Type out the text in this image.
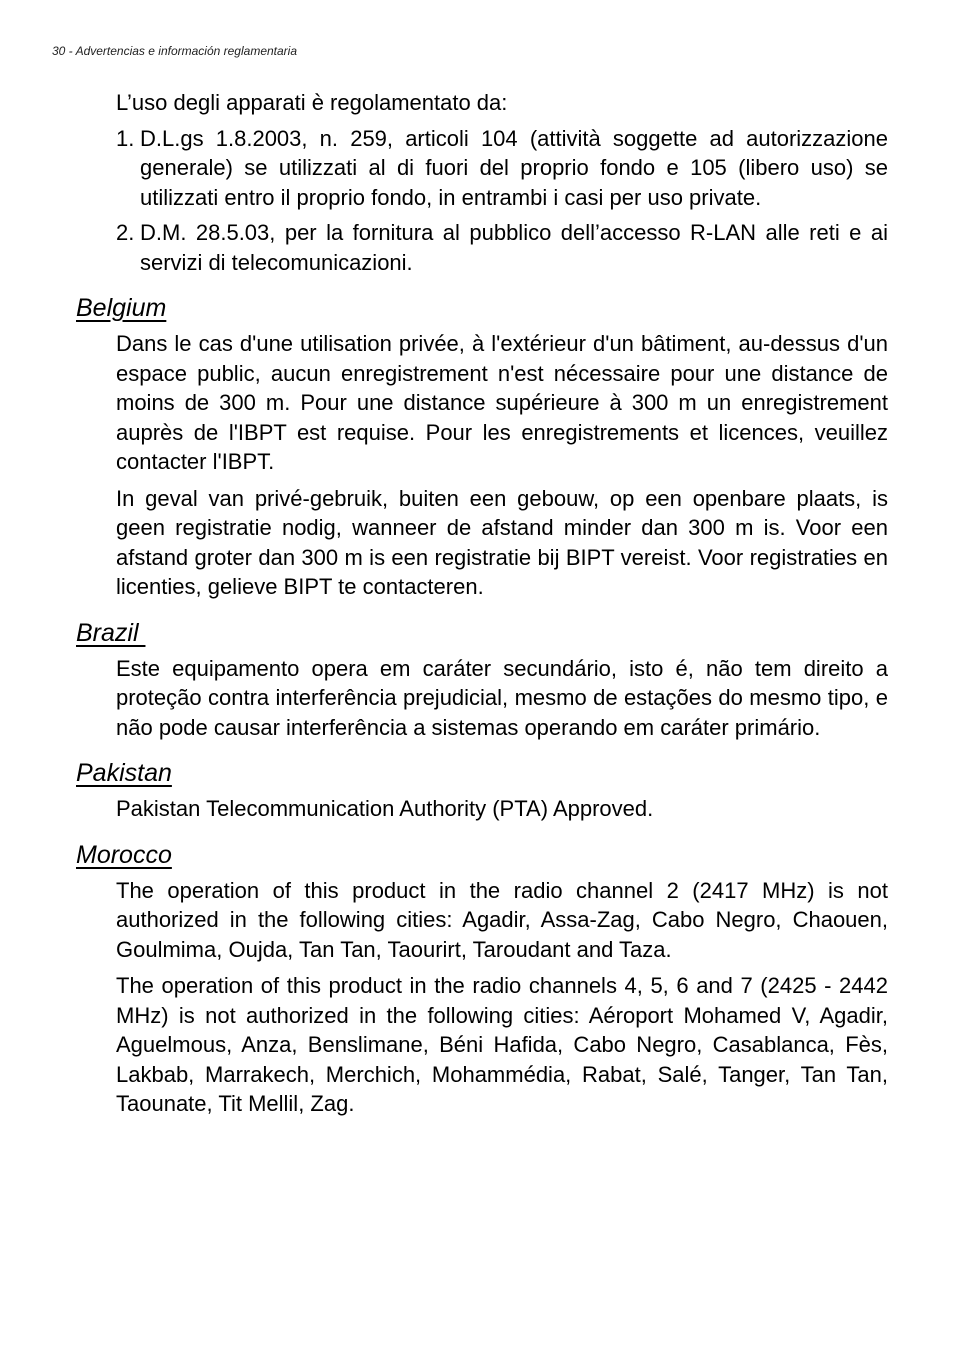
30 - Advertencias e información reglamentaria

L’uso degli apparati è regolamentato da:

1. D.L.gs 1.8.2003, n. 259, articoli 104 (attività soggette ad autorizzazione generale) se utilizzati al di fuori del proprio fondo e 105 (libero uso) se utilizzati entro il proprio fondo, in entrambi i casi per uso private.
2. D.M. 28.5.03, per la fornitura al pubblico dell’accesso R-LAN alle reti e ai servizi di telecomunicazioni.
Belgium

Dans le cas d'une utilisation privée, à l'extérieur d'un bâtiment, au-dessus d'un espace public, aucun enregistrement n'est nécessaire pour une distance de moins de 300 m. Pour une distance supérieure à 300 m un enregistrement auprès de l'IBPT est requise. Pour les enregistrements et licences, veuillez contacter l'IBPT.

In geval van privé-gebruik, buiten een gebouw, op een openbare plaats, is geen registratie nodig, wanneer de afstand minder dan 300 m is. Voor een afstand groter dan 300 m is een registratie bij BIPT vereist. Voor registraties en licenties, gelieve BIPT te contacteren.

Brazil

Este equipamento opera em caráter secundário, isto é, não tem direito a proteção contra interferência prejudicial, mesmo de estações do mesmo tipo, e não pode causar interferência a sistemas operando em caráter primário.

Pakistan

Pakistan Telecommunication Authority (PTA) Approved.

Morocco

The operation of this product in the radio channel 2 (2417 MHz) is not authorized in the following cities: Agadir, Assa-Zag, Cabo Negro, Chaouen, Goulmima, Oujda, Tan Tan, Taourirt, Taroudant and Taza.

The operation of this product in the radio channels 4, 5, 6 and 7 (2425 - 2442 MHz) is not authorized in the following cities: Aéroport Mohamed V, Agadir, Aguelmous, Anza, Benslimane, Béni Hafida, Cabo Negro, Casablanca, Fès, Lakbab, Marrakech, Merchich, Mohammédia, Rabat, Salé, Tanger, Tan Tan, Taounate, Tit Mellil, Zag.
